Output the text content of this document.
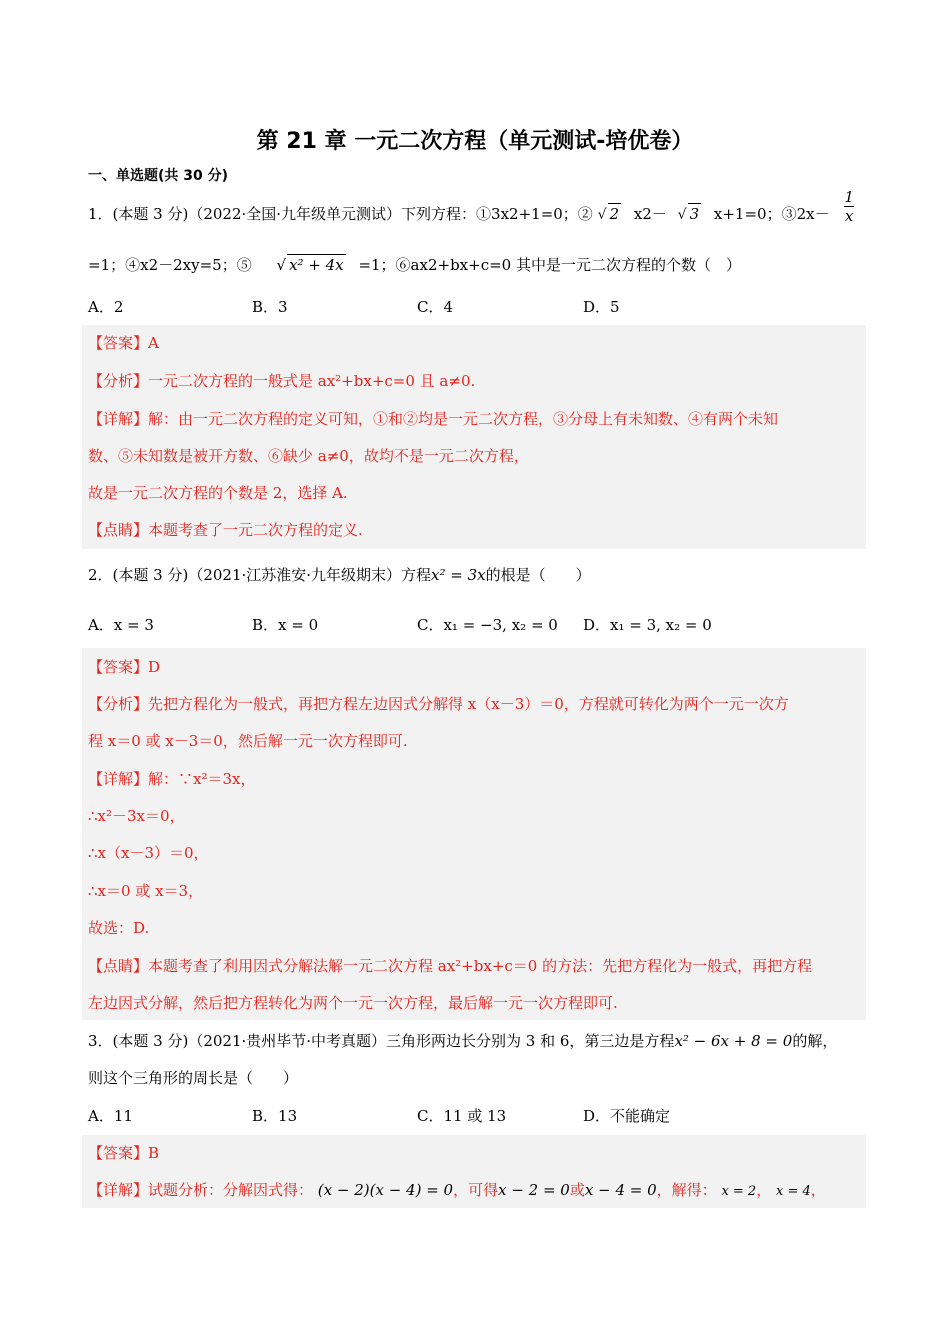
第 21 章 一元二次方程（单元测试-培优卷）
一、单选题(共 30 分)
1．(本题 3 分)（2022·全国·九年级单元测试）下列方程：①3x2+1=0；② √ 2 x2－ √ 3 x+1=0；③2x－ $\frac{1}{x}$
=1；④x2－2xy=5；⑤ √ x² + 4x =1；⑥ax2+bx+c=0 其中是一元二次方程的个数（　）
A．2	B．3	C．4	D．5
【答案】A
【分析】一元二次方程的一般式是 ax²+bx+c=0 且 a≠0.
【详解】解：由一元二次方程的定义可知，①和②均是一元二次方程，③分母上有未知数、④有两个未知
数、⑤未知数是被开方数、⑥缺少 a≠0，故均不是一元二次方程，
故是一元二次方程的个数是 2，选择 A.
【点睛】本题考查了一元二次方程的定义.
2．(本题 3 分)（2021·江苏淮安·九年级期末）方程x² = 3x的根是（　　）
A．x = 3	B．x = 0	C．x₁ = −3, x₂ = 0 D．x₁ = 3, x₂ = 0
【答案】D
【分析】先把方程化为一般式，再把方程左边因式分解得 x（x－3）＝0，方程就可转化为两个一元一次方
程 x＝0 或 x－3＝0，然后解一元一次方程即可.
【详解】解：∵x²＝3x，
∴x²－3x＝0，
∴x（x－3）＝0，
∴x＝0 或 x＝3，
故选：D.
【点睛】本题考查了利用因式分解法解一元二次方程 ax²+bx+c＝0 的方法：先把方程化为一般式，再把方程
左边因式分解，然后把方程转化为两个一元一次方程，最后解一元一次方程即可.
3．(本题 3 分)（2021·贵州毕节·中考真题）三角形两边长分别为 3 和 6，第三边是方程x² − 6x + 8 = 0的解，
则这个三角形的周长是（　　）
A．11	B．13	C．11 或 13	D．不能确定
【答案】B
【详解】试题分析：分解因式得： (x − 2)(x − 4) = 0，可得x − 2 = 0或x − 4 = 0，解得： x = 2， x = 4，
